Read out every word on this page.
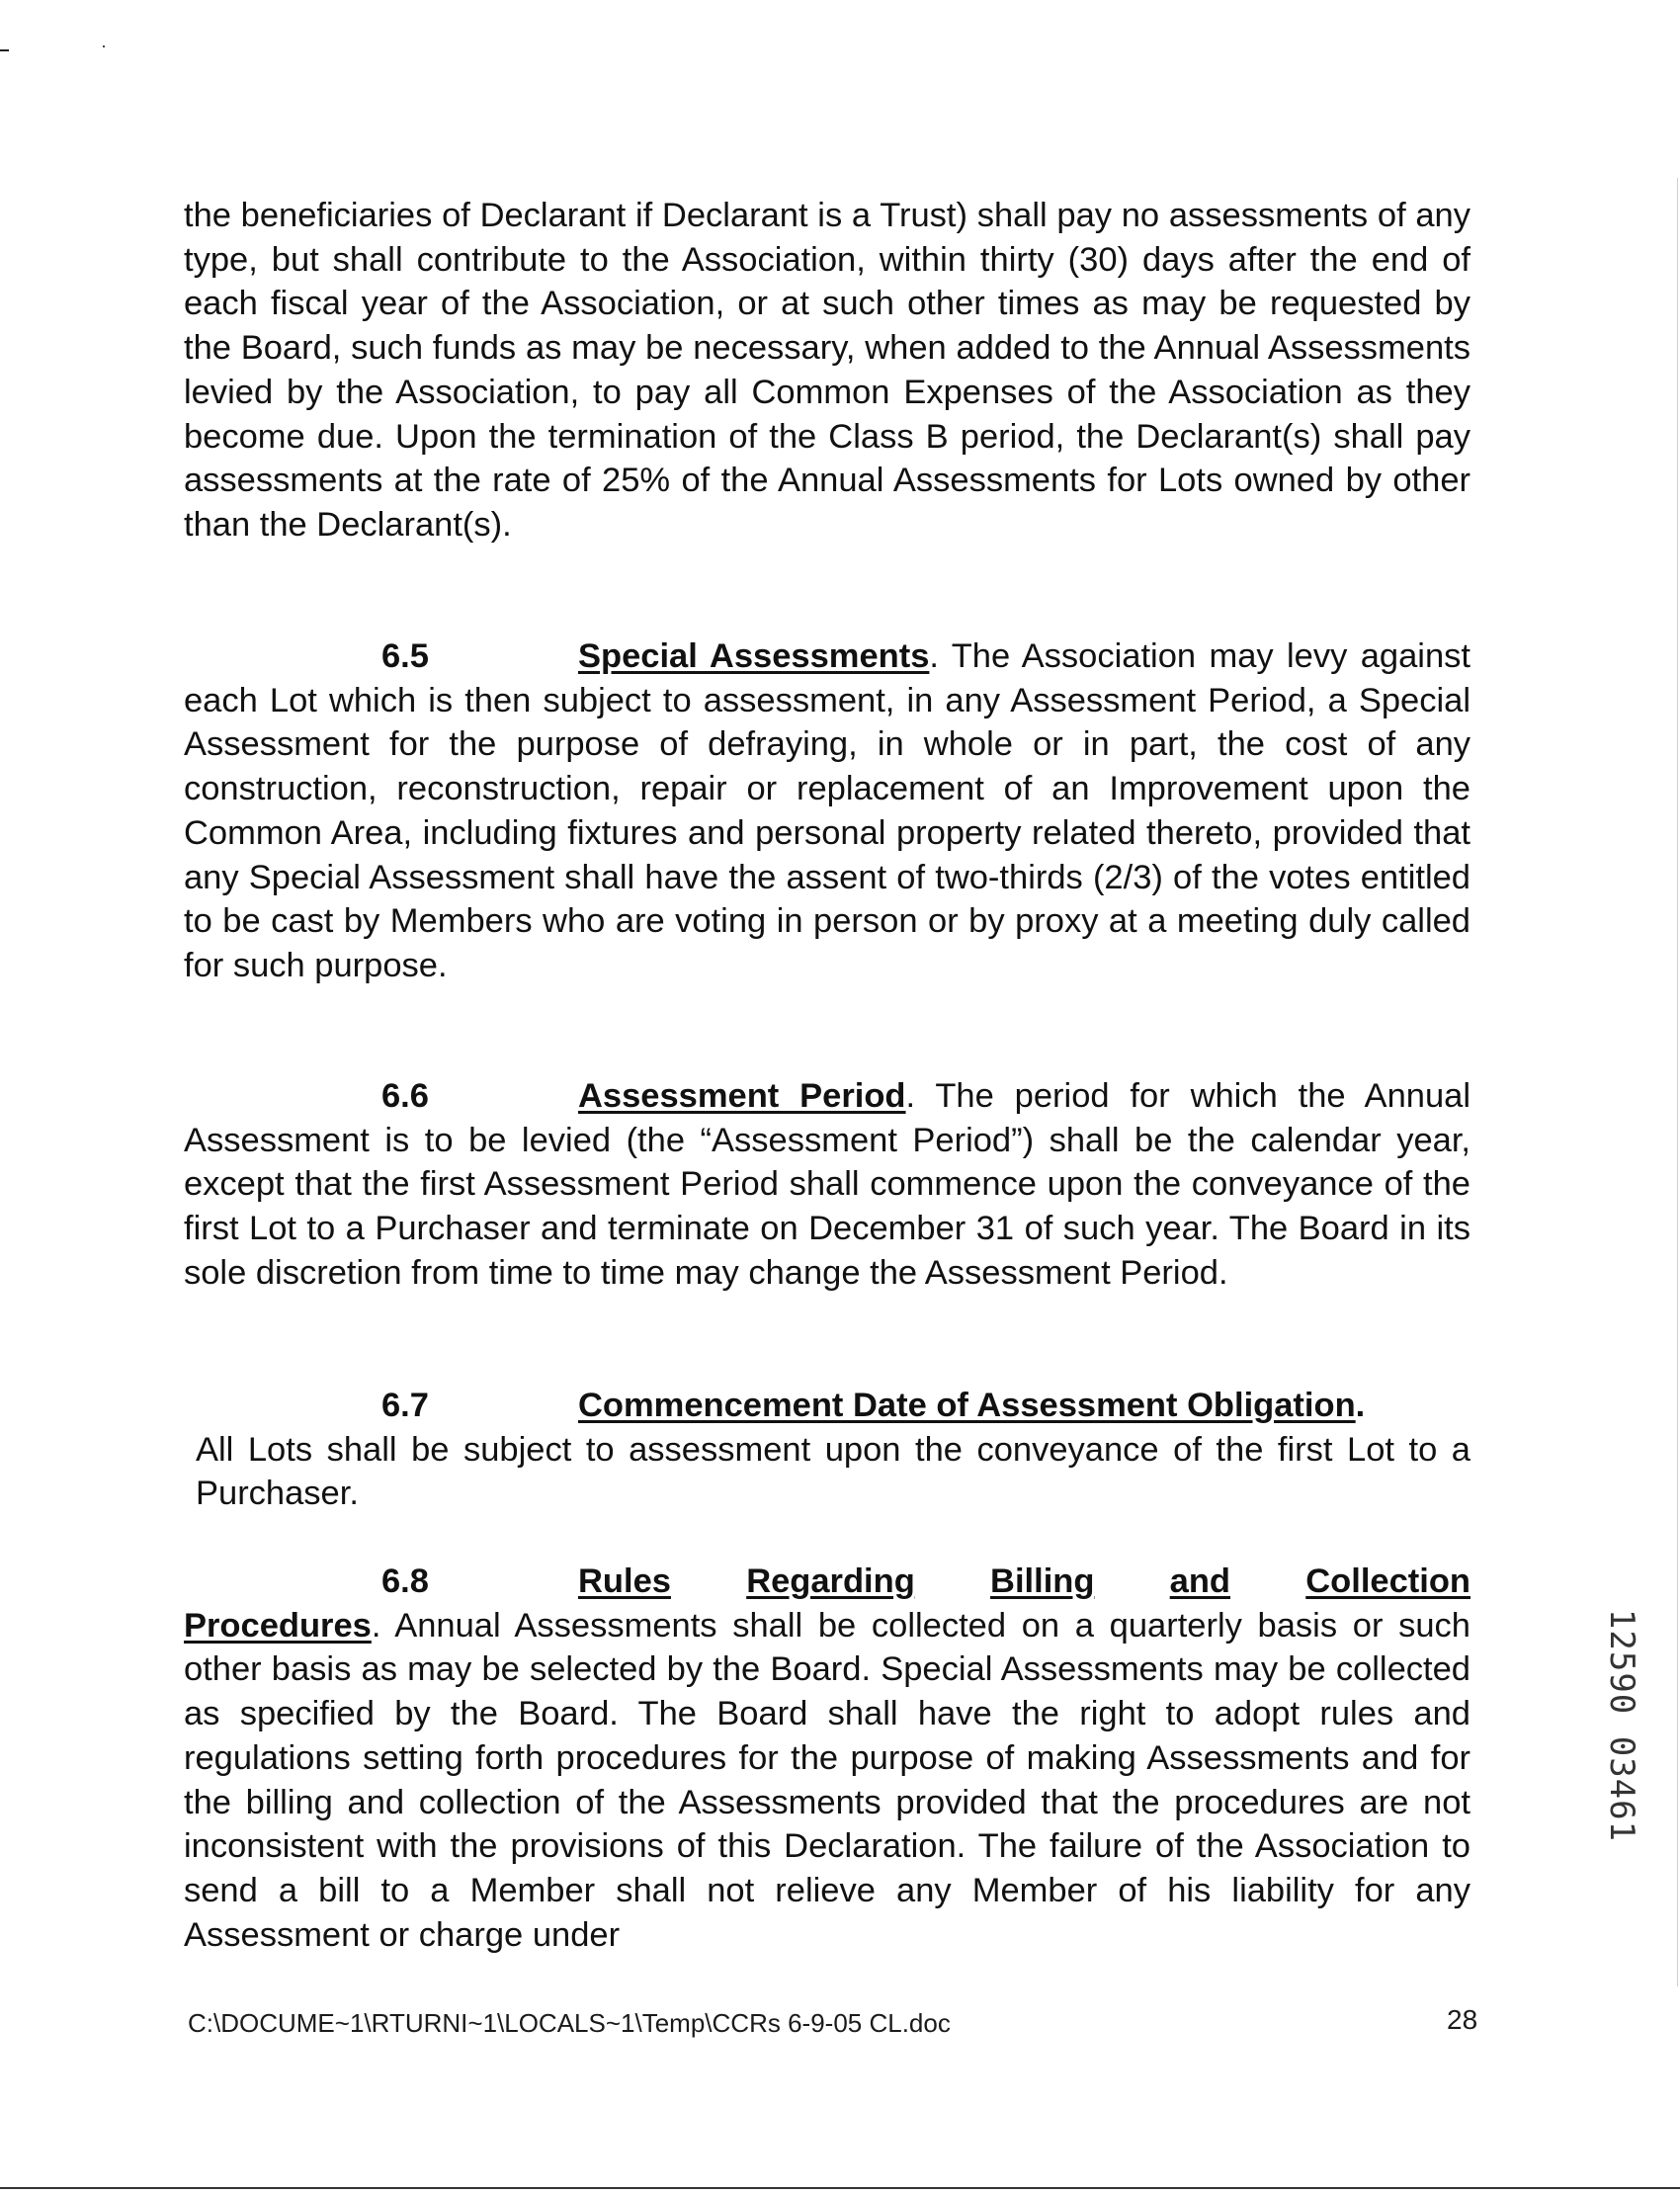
the beneficiaries of Declarant if Declarant is a Trust) shall pay no assessments of any type, but shall contribute to the Association, within thirty (30) days after the end of each fiscal year of the Association, or at such other times as may be requested by the Board, such funds as may be necessary, when added to the Annual Assessments levied by the Association, to pay all Common Expenses of the Association as they become due. Upon the termination of the Class B period, the Declarant(s) shall pay assessments at the rate of 25% of the Annual Assessments for Lots owned by other than the Declarant(s).

6.5	Special Assessments. The Association may levy against each Lot which is then subject to assessment, in any Assessment Period, a Special Assessment for the purpose of defraying, in whole or in part, the cost of any construction, reconstruction, repair or replacement of an Improvement upon the Common Area, including fixtures and personal property related thereto, provided that any Special Assessment shall have the assent of two-thirds (2/3) of the votes entitled to be cast by Members who are voting in person or by proxy at a meeting duly called for such purpose.

6.6	Assessment Period. The period for which the Annual Assessment is to be levied (the “Assessment Period”) shall be the calendar year, except that the first Assessment Period shall commence upon the conveyance of the first Lot to a Purchaser and terminate on December 31 of such year. The Board in its sole discretion from time to time may change the Assessment Period.

6.7	Commencement Date of Assessment Obligation.

All Lots shall be subject to assessment upon the conveyance of the first Lot to a Purchaser.

6.8	Rules Regarding Billing and Collection

Procedures. Annual Assessments shall be collected on a quarterly basis or such other basis as may be selected by the Board. Special Assessments may be collected as specified by the Board. The Board shall have the right to adopt rules and regulations setting forth procedures for the purpose of making Assessments and for the billing and collection of the Assessments provided that the procedures are not inconsistent with the provisions of this Declaration. The failure of the Association to send a bill to a Member shall not relieve any Member of his liability for any Assessment or charge under

C:\DOCUME~1\RTURNI~1\LOCALS~1\Temp\CCRs 6-9-05 CL.doc	28
12590 03461
